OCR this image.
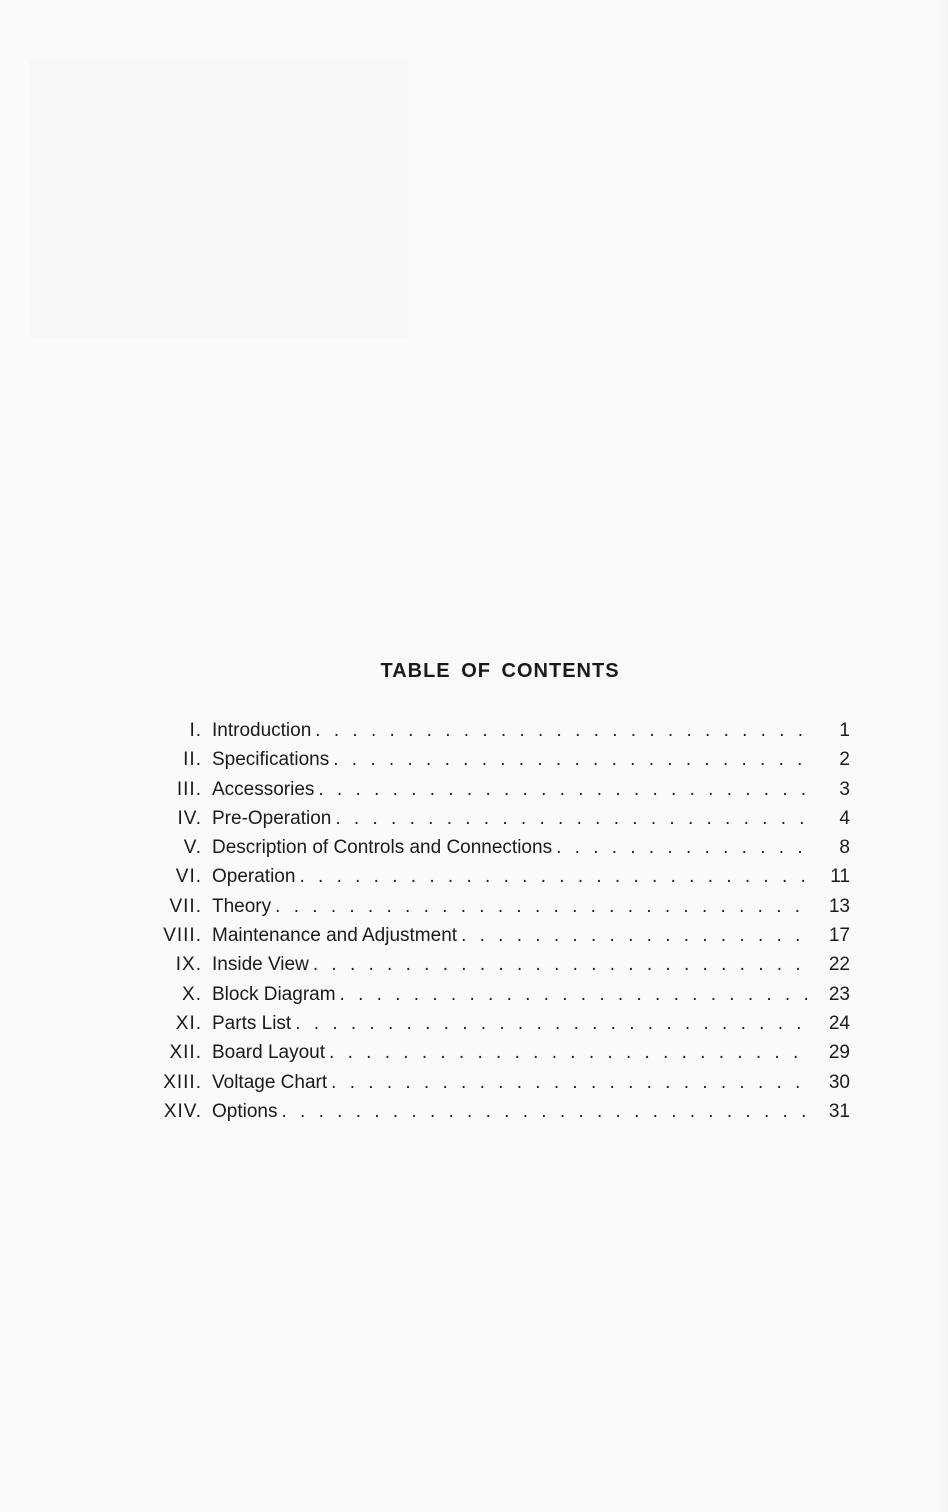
TABLE OF CONTENTS
I. Introduction . . .	1
II. Specifications . . .	2
III. Accessories . . .	3
IV. Pre-Operation . . .	4
V. Description of Controls and Connections . . .	8
VI. Operation . . .	11
VII. Theory . . .	13
VIII. Maintenance and Adjustment . . .	17
IX. Inside View . . .	22
X. Block Diagram . . .	23
XI. Parts List . . .	24
XII. Board Layout . . .	29
XIII. Voltage Chart . . .	30
XIV. Options . . .	31
